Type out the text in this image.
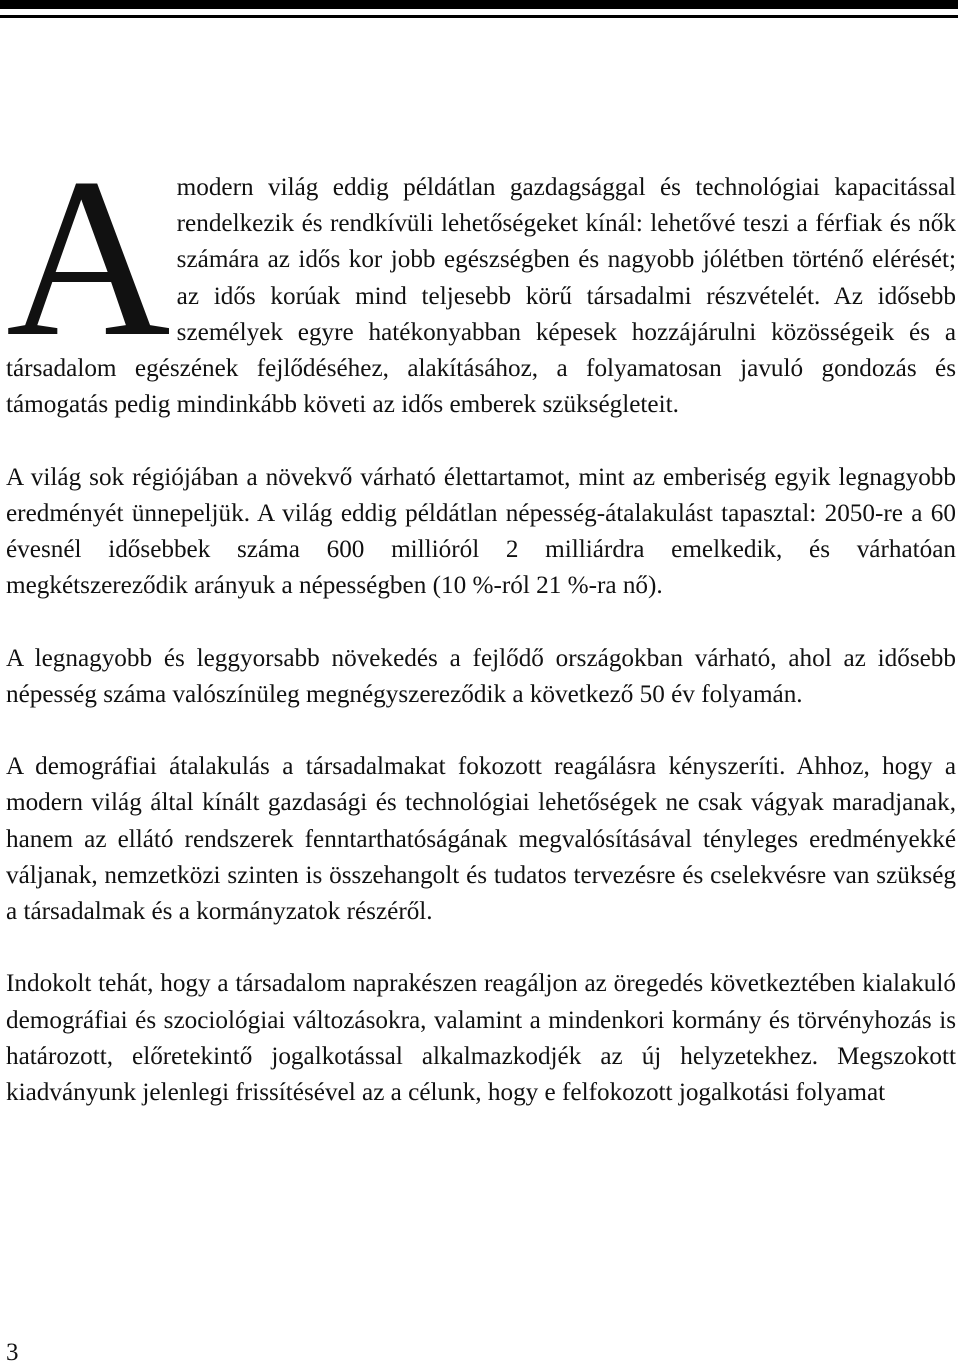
Amodern világ eddig példátlan gazdagsággal és technológiai kapacitással rendelkezik és rendkívüli lehetőségeket kínál: lehetővé teszi a férfiak és nők számára az idős kor jobb egészségben és nagyobb jólétben történő elérését; az idős korúak mind teljesebb körű társadalmi részvételét. Az idősebb személyek egyre hatékonyabban képesek hozzájárulni közösségeik és a társadalom egészének fejlődéséhez, alakításához, a folyamatosan javuló gondozás és támogatás pedig mindinkább követi az idős emberek szükségleteit.

A világ sok régiójában a növekvő várható élettartamot, mint az emberiség egyik legnagyobb eredményét ünnepeljük. A világ eddig példátlan népesség-átalakulást tapasztal: 2050-re a 60 évesnél idősebbek száma 600 millióról 2 milliárdra emelkedik, és várhatóan megkétszereződik arányuk a népességben (10 %-ról 21 %-ra nő).

A legnagyobb és leggyorsabb növekedés a fejlődő országokban várható, ahol az idősebb népesség száma valószínüleg megnégyszereződik a következő 50 év folyamán.

A demográfiai átalakulás a társadalmakat fokozott reagálásra kényszeríti. Ahhoz, hogy a modern világ által kínált gazdasági és technológiai lehetőségek ne csak vágyak maradjanak, hanem az ellátó rendszerek fenntarthatóságának megvalósításával tényleges eredményekké váljanak, nemzetközi szinten is összehangolt és tudatos tervezésre és cselekvésre van szükség a társadalmak és a kormányzatok részéről.

Indokolt tehát, hogy a társadalom naprakészen reagáljon az öregedés következtében kialakuló demográfiai és szociológiai változásokra, valamint a mindenkori kormány és törvényhozás is határozott, előretekintő jogalkotással alkalmazkodjék az új helyzetekhez. Megszokott kiadványunk jelenlegi frissítésével az a célunk, hogy e felfokozott jogalkotási folyamat

3
